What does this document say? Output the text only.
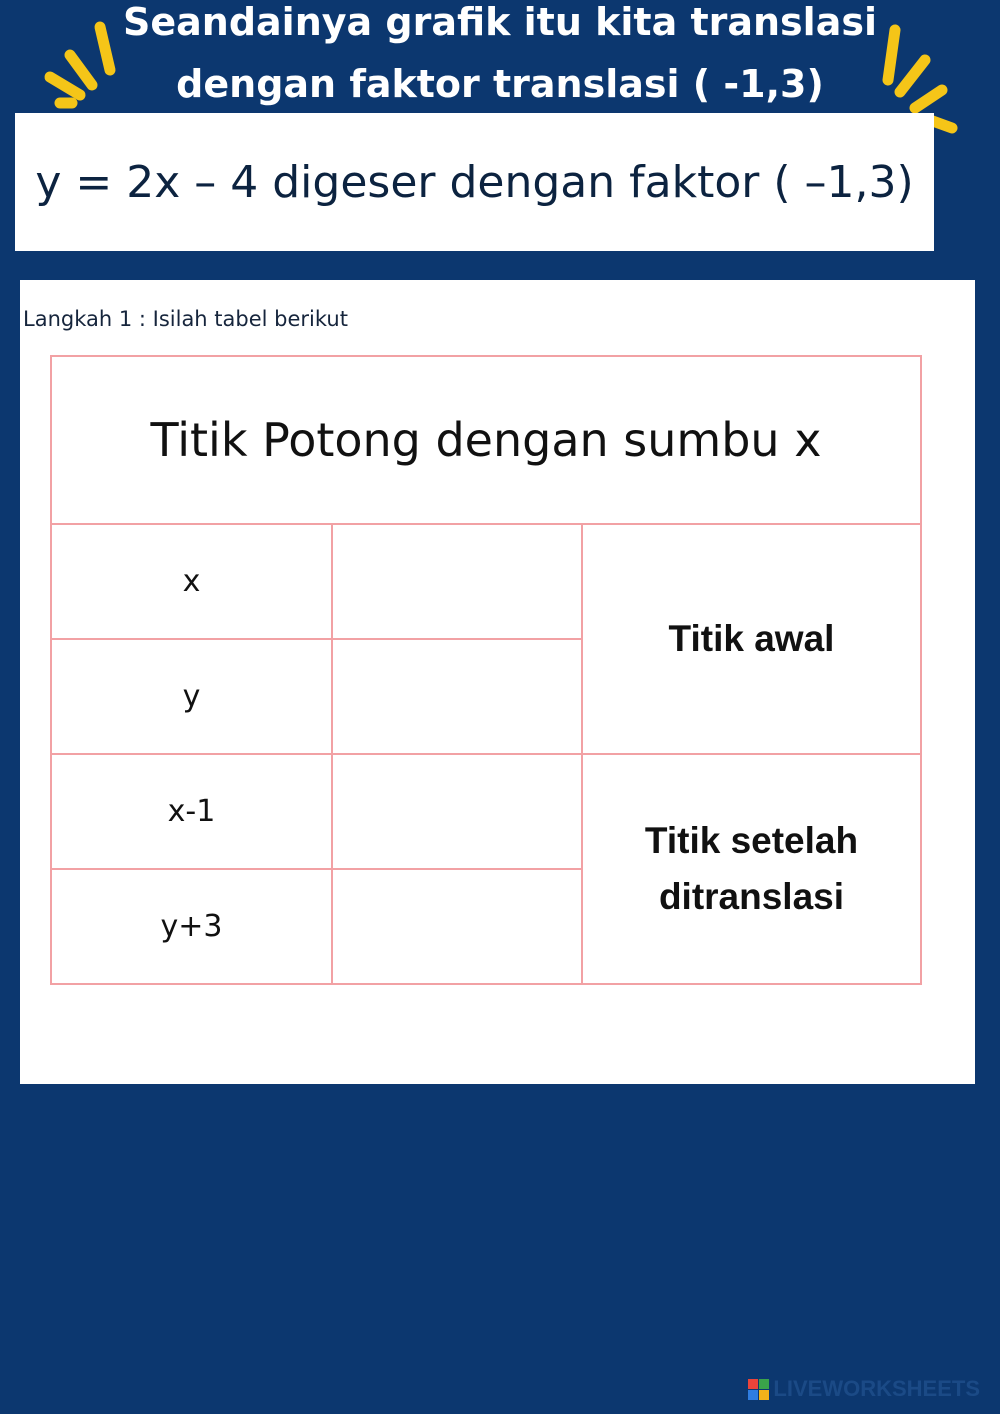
Seandainya grafik itu kita translasi
dengan faktor translasi ( -1,3)
y = 2x – 4 digeser dengan faktor ( –1,3)
Langkah 1 : Isilah tabel berikut
Titik Potong dengan sumbu x		
x		Titik awal
y		
x-1		Titik setelah ditranslasi
y+3		
LIVEWORKSHEETS
